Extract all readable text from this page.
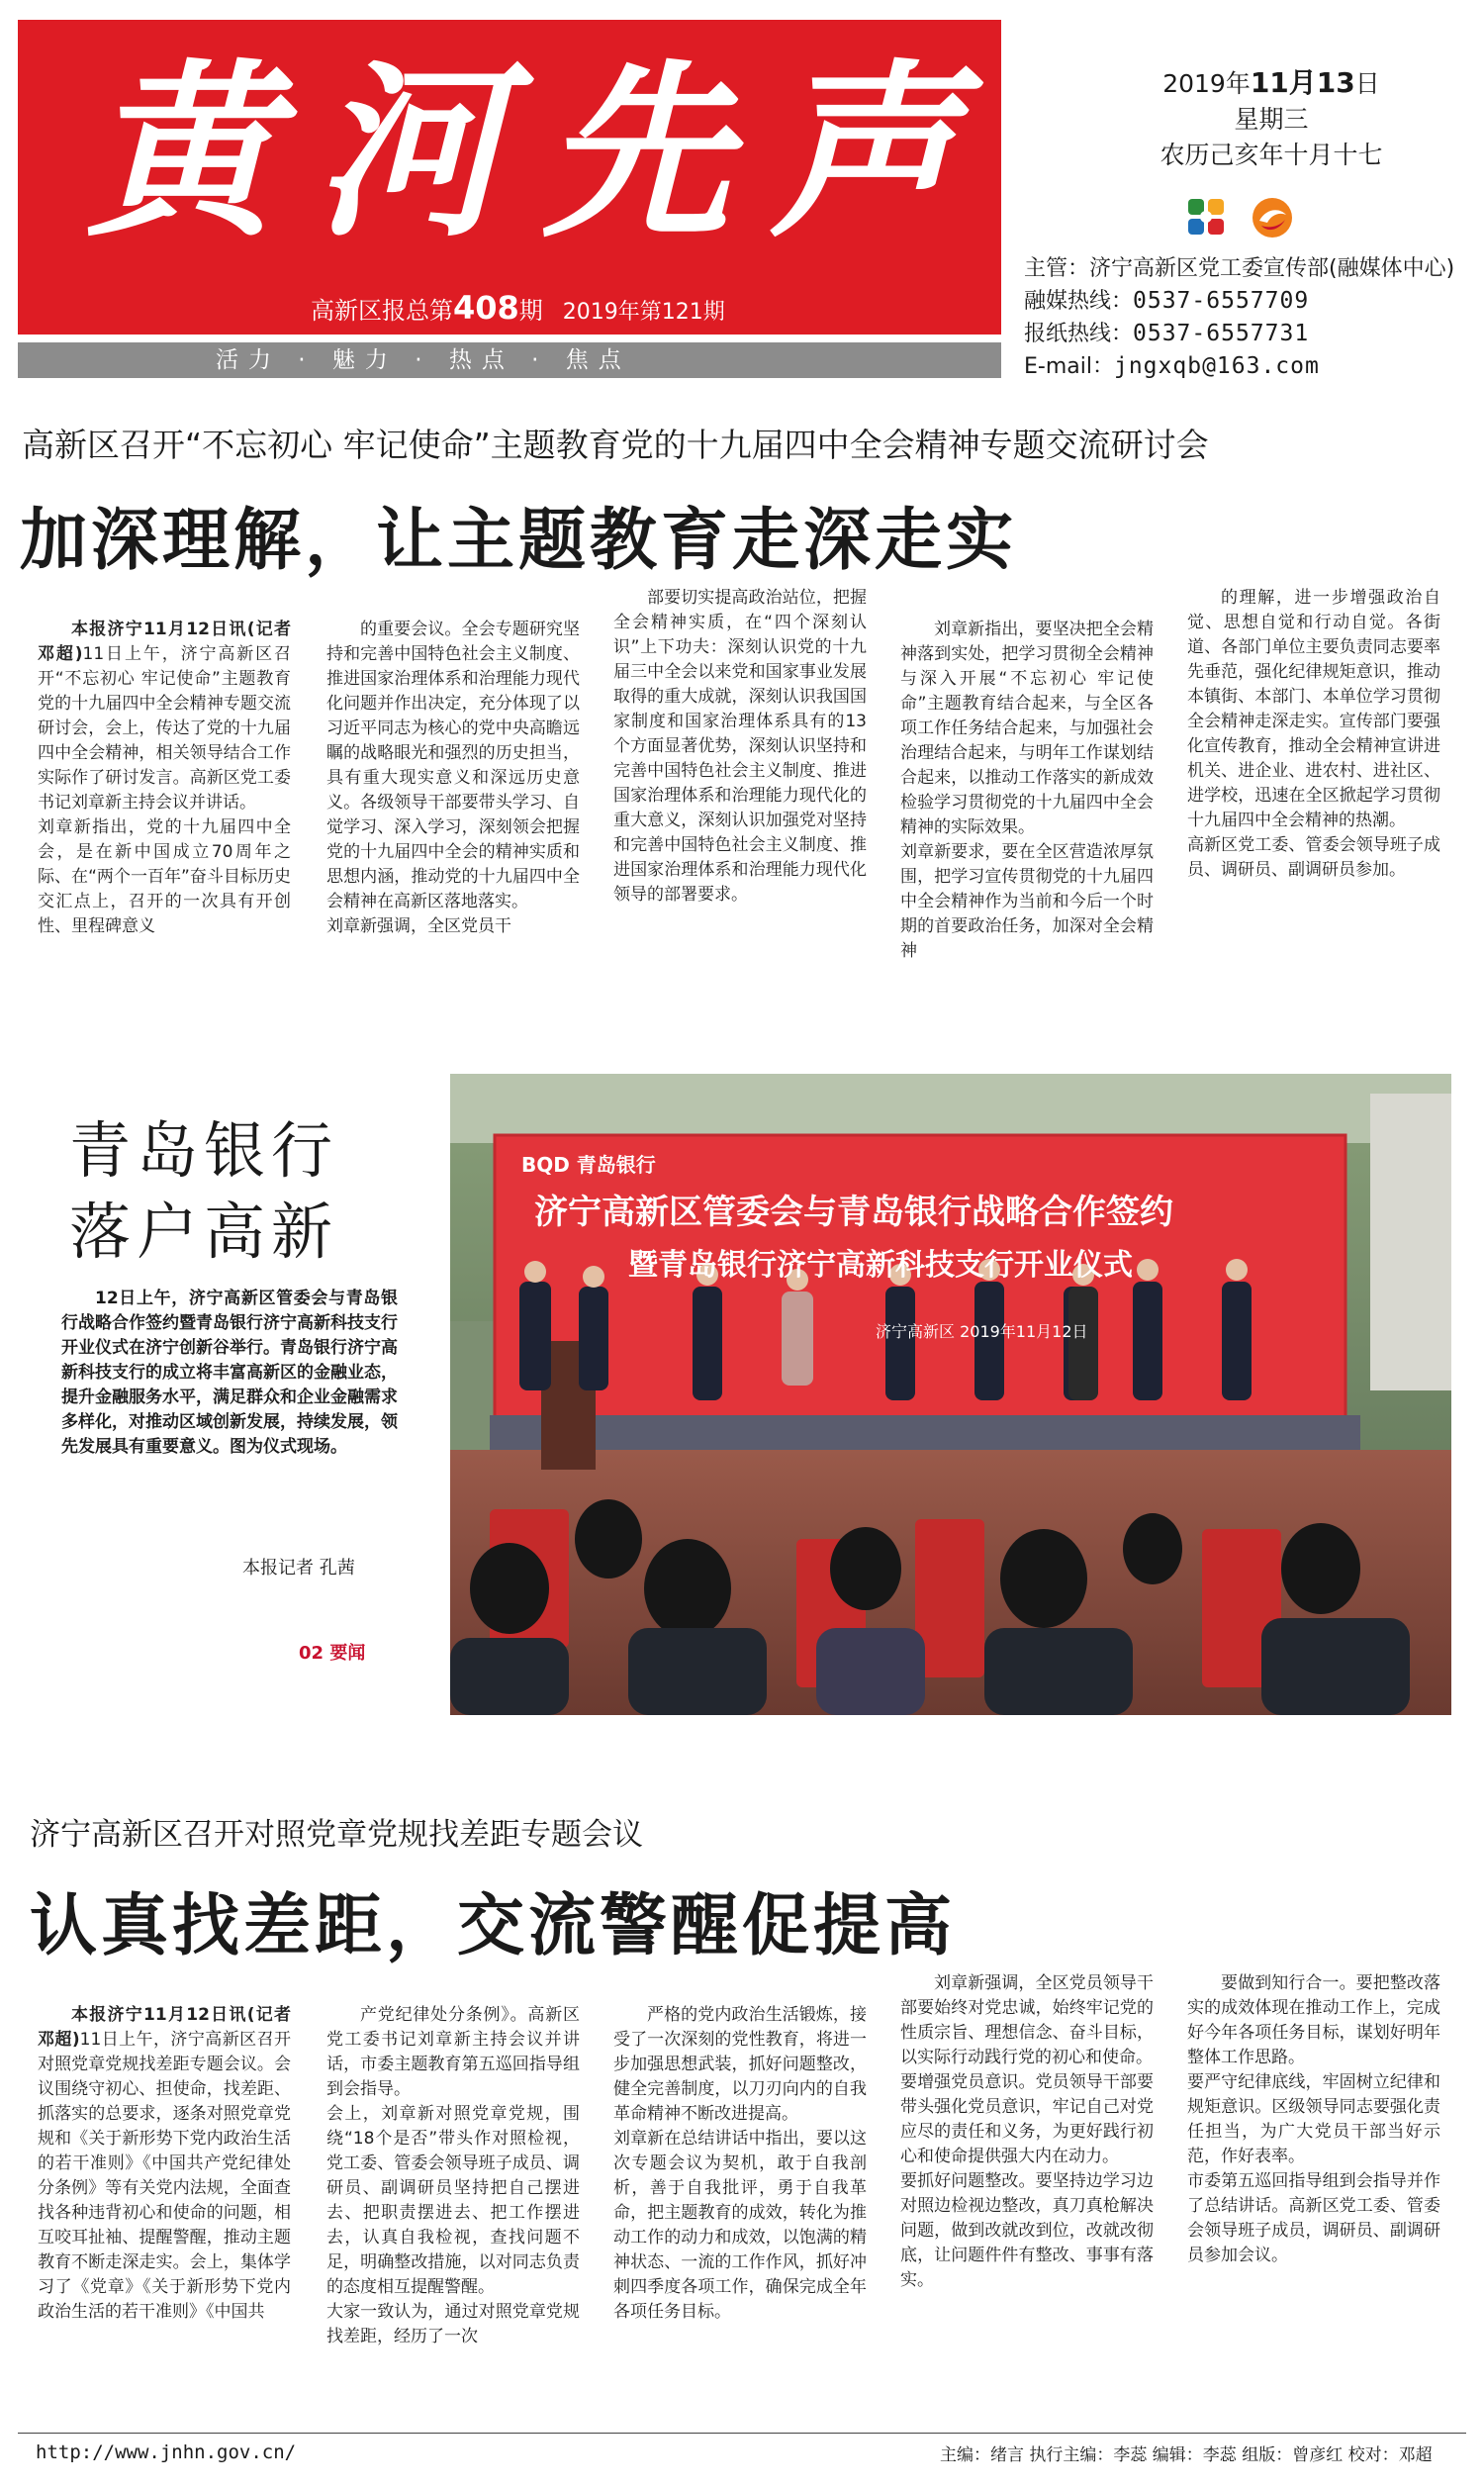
黄河先声
高新区报总第408期 2019年第121期
活力 · 魅力 · 热点 · 焦点
2019年11月13日
星期三
农历己亥年十月十七
主管：济宁高新区党工委宣传部(融媒体中心)
融媒热线：0537-6557709
报纸热线：0537-6557731
E-mail：jngxqb@163.com
高新区召开“不忘初心 牢记使命”主题教育党的十九届四中全会精神专题交流研讨会
加深理解，让主题教育走深走实
本报济宁11月12日讯(记者 邓超)11日上午，济宁高新区召开“不忘初心 牢记使命”主题教育党的十九届四中全会精神专题交流研讨会，会上，传达了党的十九届四中全会精神，相关领导结合工作实际作了研讨发言。高新区党工委书记刘章新主持会议并讲话。
刘章新指出，党的十九届四中全会，是在新中国成立70周年之际、在“两个一百年”奋斗目标历史交汇点上，召开的一次具有开创性、里程碑意义
的重要会议。全会专题研究坚持和完善中国特色社会主义制度、推进国家治理体系和治理能力现代化问题并作出决定，充分体现了以习近平同志为核心的党中央高瞻远瞩的战略眼光和强烈的历史担当，具有重大现实意义和深远历史意义。各级领导干部要带头学习、自觉学习、深入学习，深刻领会把握党的十九届四中全会的精神实质和思想内涵，推动党的十九届四中全会精神在高新区落地落实。
刘章新强调，全区党员干
部要切实提高政治站位，把握全会精神实质，在“四个深刻认识”上下功夫：深刻认识党的十九届三中全会以来党和国家事业发展取得的重大成就，深刻认识我国国家制度和国家治理体系具有的13个方面显著优势，深刻认识坚持和完善中国特色社会主义制度、推进国家治理体系和治理能力现代化的重大意义，深刻认识加强党对坚持和完善中国特色社会主义制度、推进国家治理体系和治理能力现代化领导的部署要求。
刘章新指出，要坚决把全会精神落到实处，把学习贯彻全会精神与深入开展“不忘初心 牢记使命”主题教育结合起来，与全区各项工作任务结合起来，与加强社会治理结合起来，与明年工作谋划结合起来，以推动工作落实的新成效检验学习贯彻党的十九届四中全会精神的实际效果。
刘章新要求，要在全区营造浓厚氛围，把学习宣传贯彻党的十九届四中全会精神作为当前和今后一个时期的首要政治任务，加深对全会精神
的理解，进一步增强政治自觉、思想自觉和行动自觉。各街道、各部门单位主要负责同志要率先垂范，强化纪律规矩意识，推动本镇街、本部门、本单位学习贯彻全会精神走深走实。宣传部门要强化宣传教育，推动全会精神宣讲进机关、进企业、进农村、进社区、进学校，迅速在全区掀起学习贯彻十九届四中全会精神的热潮。
高新区党工委、管委会领导班子成员、调研员、副调研员参加。
青岛银行
落户高新
12日上午，济宁高新区管委会与青岛银行战略合作签约暨青岛银行济宁高新科技支行开业仪式在济宁创新谷举行。青岛银行济宁高新科技支行的成立将丰富高新区的金融业态，提升金融服务水平，满足群众和企业金融需求多样化，对推动区域创新发展，持续发展，领先发展具有重要意义。图为仪式现场。
本报记者 孔茜
02 要闻
BQD 青岛银行
济宁高新区管委会与青岛银行战略合作签约
暨青岛银行济宁高新科技支行开业仪式
济宁高新区 2019年11月12日
济宁高新区召开对照党章党规找差距专题会议
认真找差距，交流警醒促提高
本报济宁11月12日讯(记者 邓超)11日上午，济宁高新区召开对照党章党规找差距专题会议。会议围绕守初心、担使命，找差距、抓落实的总要求，逐条对照党章党规和《关于新形势下党内政治生活的若干准则》《中国共产党纪律处分条例》等有关党内法规，全面查找各种违背初心和使命的问题，相互咬耳扯袖、提醒警醒，推动主题教育不断走深走实。会上，集体学习了《党章》《关于新形势下党内政治生活的若干准则》《中国共
产党纪律处分条例》。高新区党工委书记刘章新主持会议并讲话，市委主题教育第五巡回指导组到会指导。
会上，刘章新对照党章党规，围绕“18个是否”带头作对照检视，党工委、管委会领导班子成员、调研员、副调研员坚持把自己摆进去、把职责摆进去、把工作摆进去，认真自我检视，查找问题不足，明确整改措施，以对同志负责的态度相互提醒警醒。
大家一致认为，通过对照党章党规找差距，经历了一次
严格的党内政治生活锻炼，接受了一次深刻的党性教育，将进一步加强思想武装，抓好问题整改，健全完善制度，以刀刃向内的自我革命精神不断改进提高。
刘章新在总结讲话中指出，要以这次专题会议为契机，敢于自我剖析，善于自我批评，勇于自我革命，把主题教育的成效，转化为推动工作的动力和成效，以饱满的精神状态、一流的工作作风，抓好冲刺四季度各项工作，确保完成全年各项任务目标。
刘章新强调，全区党员领导干部要始终对党忠诚，始终牢记党的性质宗旨、理想信念、奋斗目标，以实际行动践行党的初心和使命。
要增强党员意识。党员领导干部要带头强化党员意识，牢记自己对党应尽的责任和义务，为更好践行初心和使命提供强大内在动力。
要抓好问题整改。要坚持边学习边对照边检视边整改，真刀真枪解决问题，做到改就改到位，改就改彻底，让问题件件有整改、事事有落实。
要做到知行合一。要把整改落实的成效体现在推动工作上，完成好今年各项任务目标，谋划好明年整体工作思路。
要严守纪律底线，牢固树立纪律和规矩意识。区级领导同志要强化责任担当，为广大党员干部当好示范，作好表率。
市委第五巡回指导组到会指导并作了总结讲话。高新区党工委、管委会领导班子成员，调研员、副调研员参加会议。
http://www.jnhn.gov.cn/	主编：绪言 执行主编：李蕊 编辑：李蕊 组版：曾彦红 校对：邓超
